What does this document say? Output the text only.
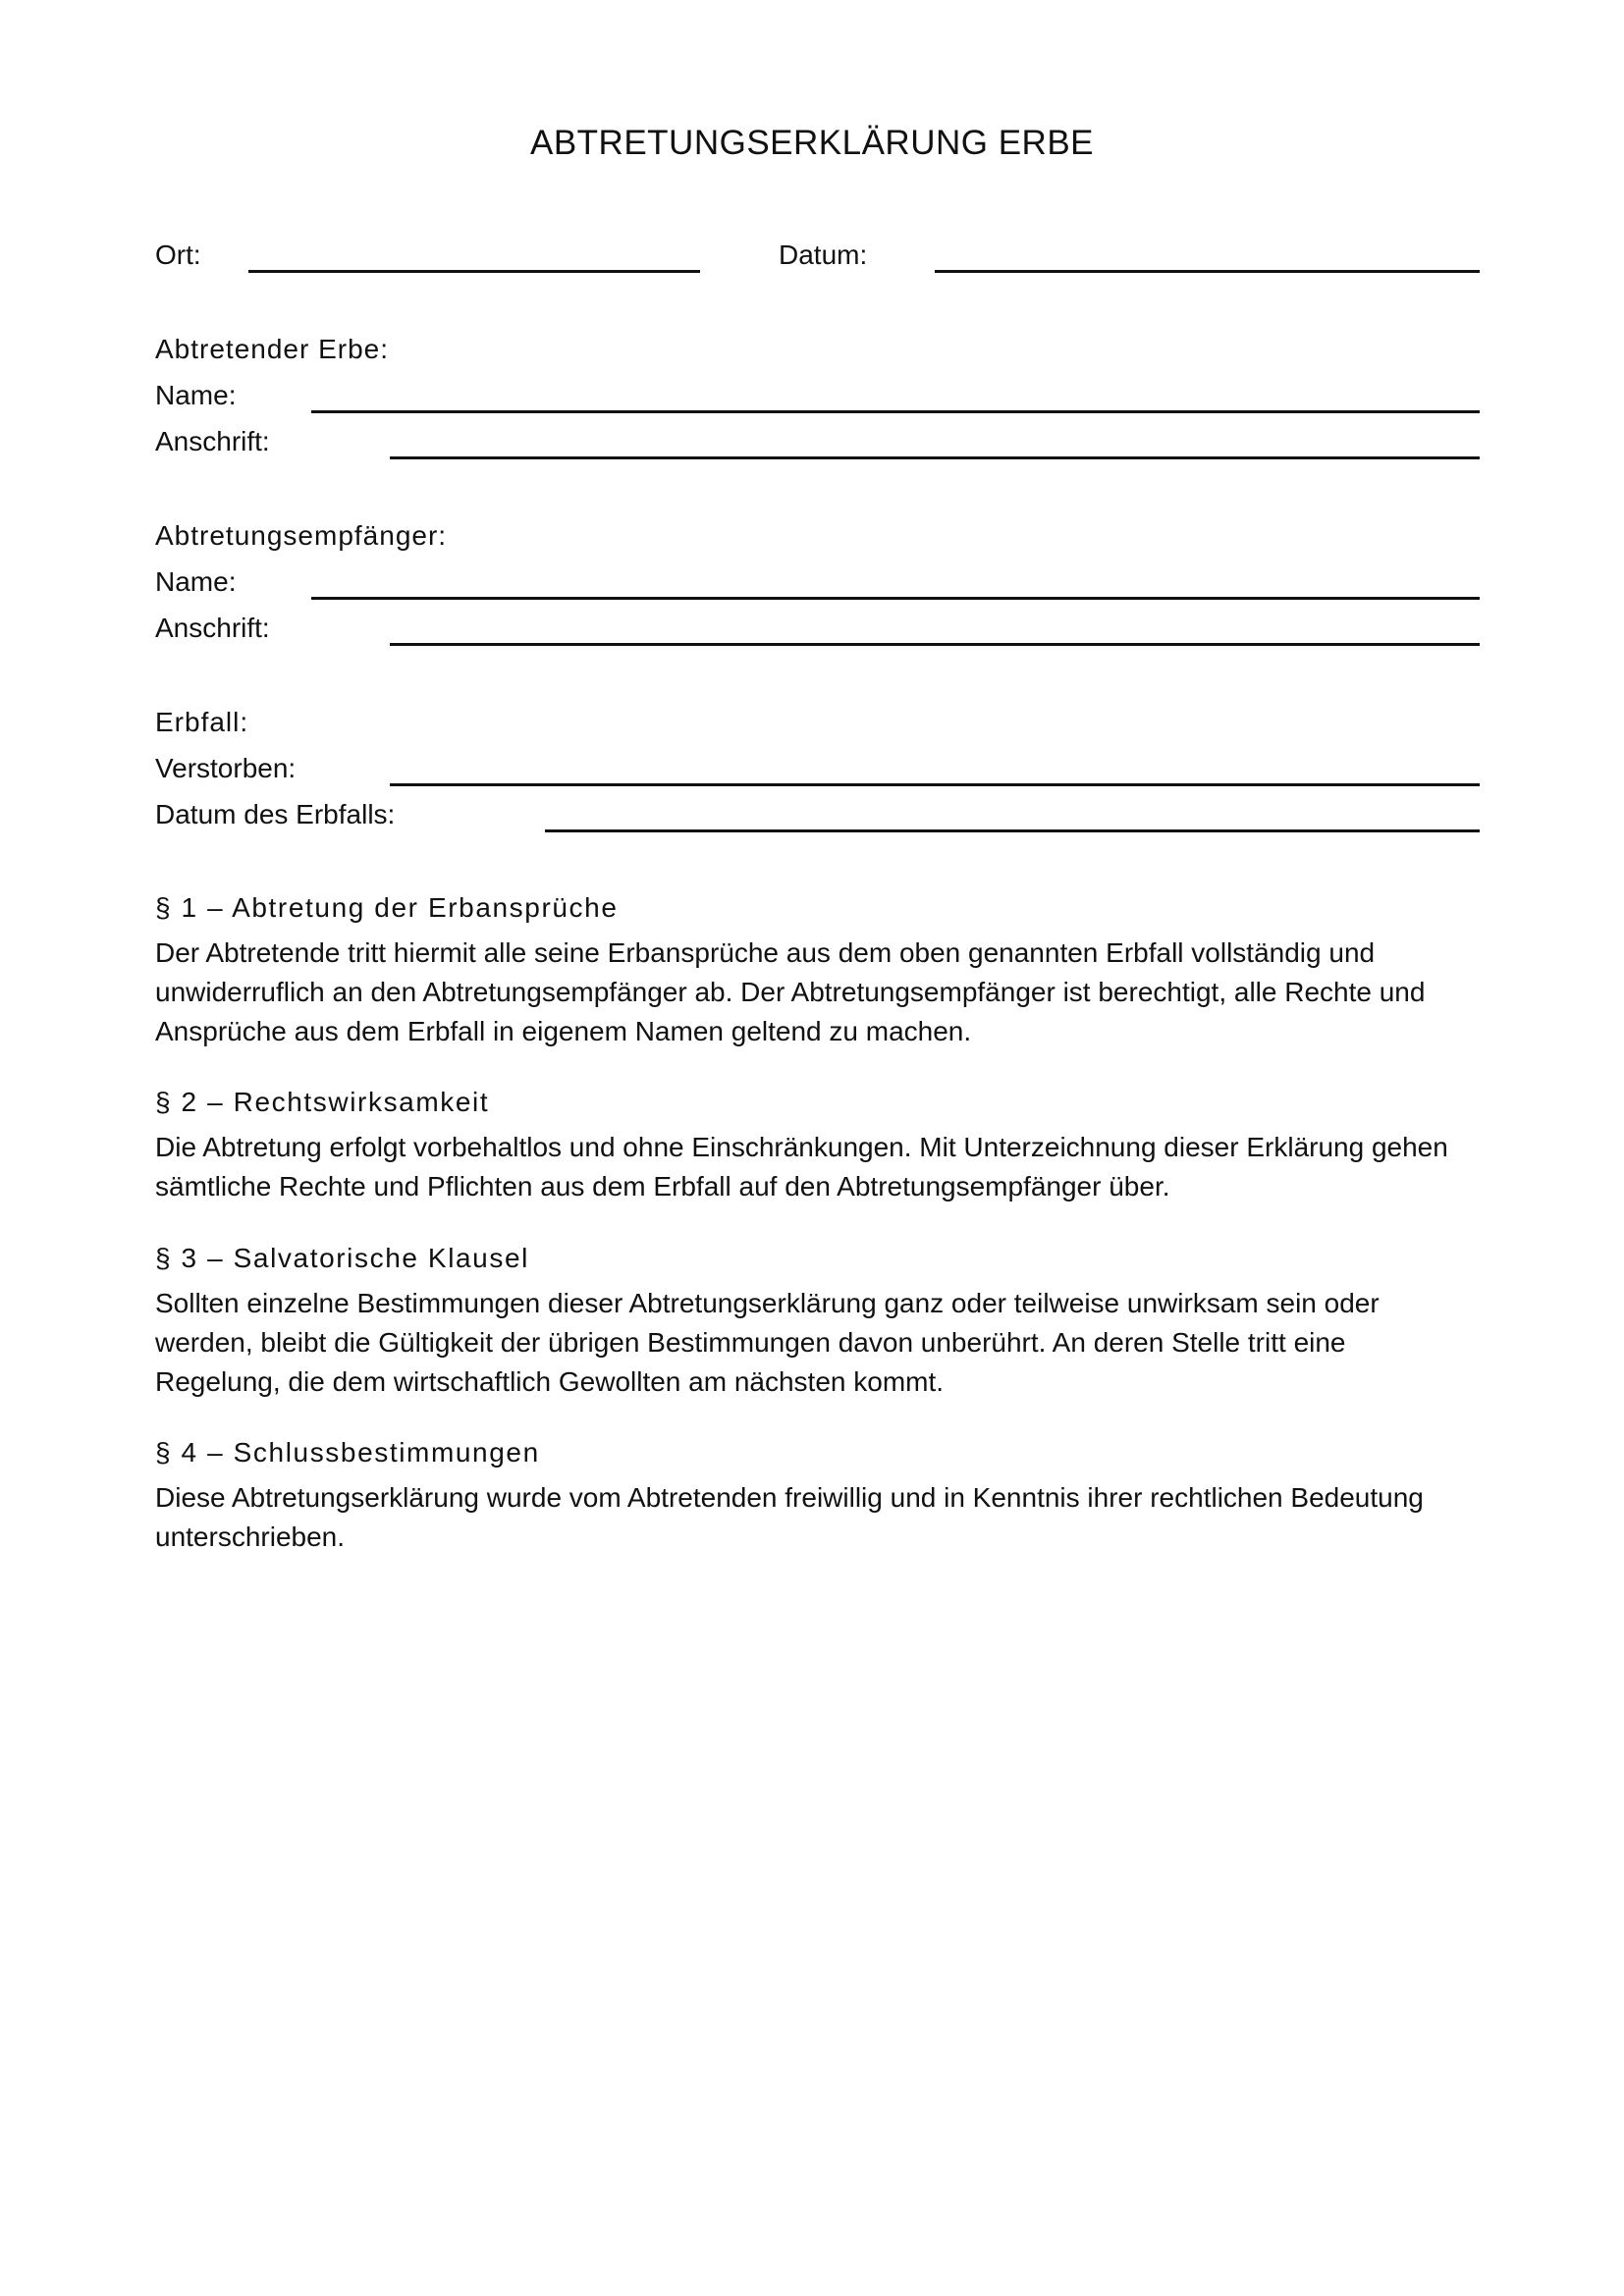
ABTRETUNGSERKLÄRUNG ERBE
Ort:	Datum:
Abtretender Erbe:
Name:
Anschrift:
Abtretungsempfänger:
Name:
Anschrift:
Erbfall:
Verstorben:
Datum des Erbfalls:
§ 1 – Abtretung der Erbansprüche
Der Abtretende tritt hiermit alle seine Erbansprüche aus dem oben genannten Erbfall vollständig und unwiderruflich an den Abtretungsempfänger ab. Der Abtretungsempfänger ist berechtigt, alle Rechte und Ansprüche aus dem Erbfall in eigenem Namen geltend zu machen.
§ 2 – Rechtswirksamkeit
Die Abtretung erfolgt vorbehaltlos und ohne Einschränkungen. Mit Unterzeichnung dieser Erklärung gehen sämtliche Rechte und Pflichten aus dem Erbfall auf den Abtretungsempfänger über.
§ 3 – Salvatorische Klausel
Sollten einzelne Bestimmungen dieser Abtretungserklärung ganz oder teilweise unwirksam sein oder werden, bleibt die Gültigkeit der übrigen Bestimmungen davon unberührt. An deren Stelle tritt eine Regelung, die dem wirtschaftlich Gewollten am nächsten kommt.
§ 4 – Schlussbestimmungen
Diese Abtretungserklärung wurde vom Abtretenden freiwillig und in Kenntnis ihrer rechtlichen Bedeutung unterschrieben.
